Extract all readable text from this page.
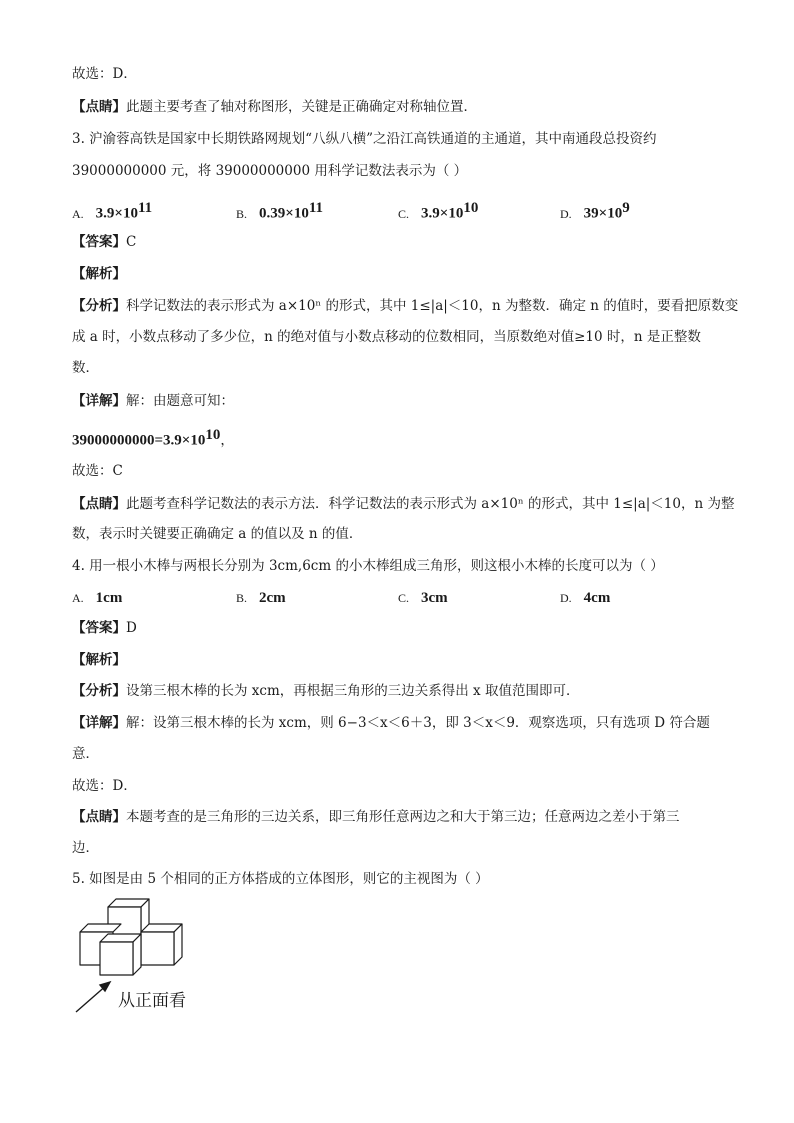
故选：D．
【点睛】此题主要考查了轴对称图形，关键是正确确定对称轴位置．
3. 沪渝蓉高铁是国家中长期铁路网规划“八纵八横”之沿江高铁通道的主通道，其中南通段总投资约
39000000000 元，将 39000000000 用科学记数法表示为（ ）
A. $3.9\times 10^{11}$	B. $0.39\times 10^{11}$	C. $3.9\times 10^{10}$	D. $39\times 10^9$
【答案】C
【解析】
【分析】科学记数法的表示形式为 a×10ⁿ 的形式，其中 1≤|a|＜10，n 为整数．确定 n 的值时，要看把原数变
成 a 时，小数点移动了多少位，n 的绝对值与小数点移动的位数相同，当原数绝对值≥10 时，n 是正整数
数．
【详解】解：由题意可知：
$39000000000=3.9\times 10^{10}$，
故选：C
【点睛】此题考查科学记数法的表示方法．科学记数法的表示形式为 a×10ⁿ 的形式，其中 1≤|a|＜10，n 为整
数，表示时关键要正确确定 a 的值以及 n 的值．
4. 用一根小木棒与两根长分别为 3cm,6cm 的小木棒组成三角形，则这根小木棒的长度可以为（ ）
A. 1cm	B. 2cm	C. 3cm	D. 4cm
【答案】D
【解析】
【分析】设第三根木棒的长为 xcm，再根据三角形的三边关系得出 x 取值范围即可．
【详解】解：设第三根木棒的长为 xcm，则 6−3＜x＜6＋3，即 3＜x＜9．观察选项，只有选项 D 符合题
意．
故选：D．
【点睛】本题考查的是三角形的三边关系，即三角形任意两边之和大于第三边；任意两边之差小于第三
边．
5. 如图是由 5 个相同的正方体搭成的立体图形，则它的主视图为（ ）
从正面看
